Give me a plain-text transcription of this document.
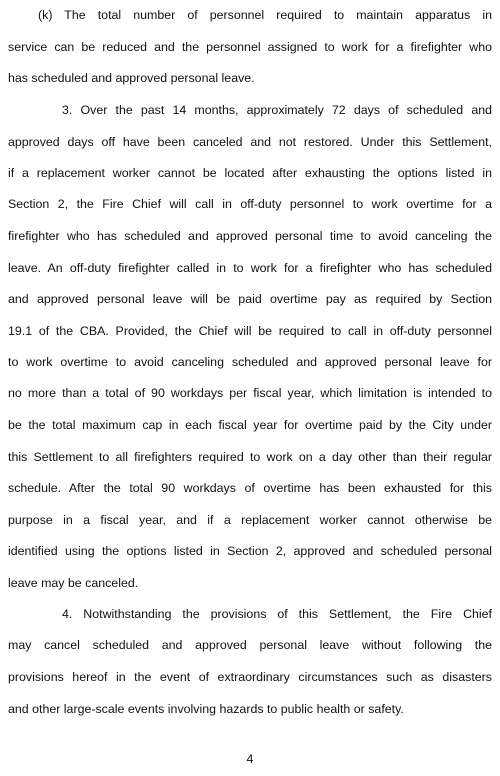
(k) The total number of personnel required to maintain apparatus in
service can be reduced and the personnel assigned to work for a firefighter who
has scheduled and approved personal leave.
3. Over the past 14 months, approximately 72 days of scheduled and
approved days off have been canceled and not restored. Under this Settlement,
if a replacement worker cannot be located after exhausting the options listed in
Section 2, the Fire Chief will call in off-duty personnel to work overtime for a
firefighter who has scheduled and approved personal time to avoid canceling the
leave. An off-duty firefighter called in to work for a firefighter who has scheduled
and approved personal leave will be paid overtime pay as required by Section
19.1 of the CBA. Provided, the Chief will be required to call in off-duty personnel
to work overtime to avoid canceling scheduled and approved personal leave for
no more than a total of 90 workdays per fiscal year, which limitation is intended to
be the total maximum cap in each fiscal year for overtime paid by the City under
this Settlement to all firefighters required to work on a day other than their regular
schedule. After the total 90 workdays of overtime has been exhausted for this
purpose in a fiscal year, and if a replacement worker cannot otherwise be
identified using the options listed in Section 2, approved and scheduled personal
leave may be canceled.
4. Notwithstanding the provisions of this Settlement, the Fire Chief
may cancel scheduled and approved personal leave without following the
provisions hereof in the event of extraordinary circumstances such as disasters
and other large-scale events involving hazards to public health or safety.
4
